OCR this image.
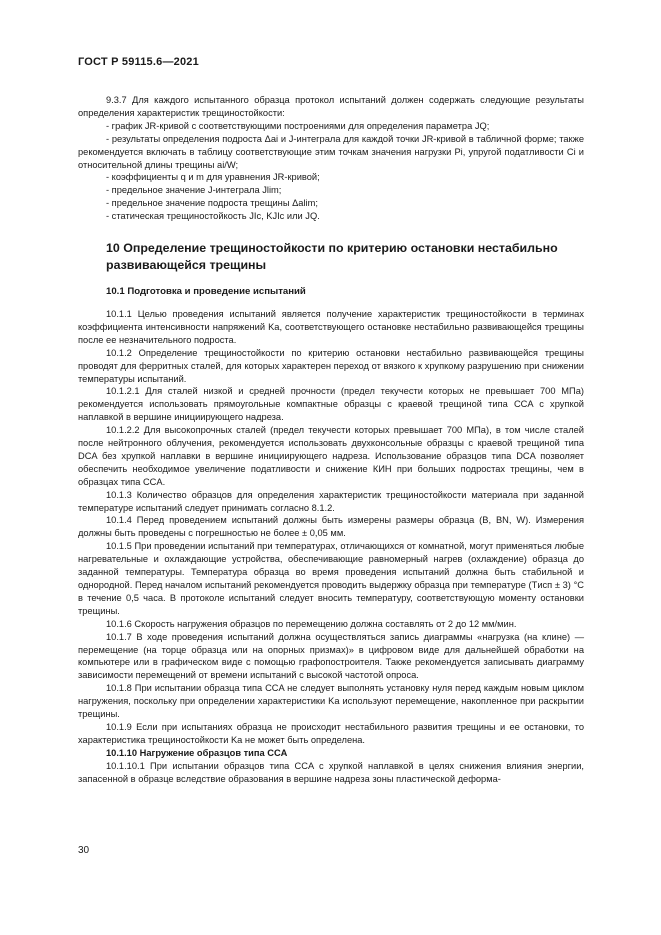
ГОСТ Р 59115.6—2021

9.3.7 Для каждого испытанного образца протокол испытаний должен содержать следующие результаты определения характеристик трещиностойкости:

- график JR-кривой с соответствующими построениями для определения параметра JQ;

- результаты определения подроста Δai и J-интеграла для каждой точки JR-кривой в табличной форме; также рекомендуется включать в таблицу соответствующие этим точкам значения нагрузки Pi, упругой податливости Ci и относительной длины трещины ai/W;

- коэффициенты q и m для уравнения JR-кривой;

- предельное значение J-интеграла Jlim;

- предельное значение подроста трещины Δalim;

- статическая трещиностойкость JIc, KJIc или JQ.

10 Определение трещиностойкости по критерию остановки нестабильно развивающейся трещины
10.1 Подготовка и проведение испытаний

10.1.1 Целью проведения испытаний является получение характеристик трещиностойкости в терминах коэффициента интенсивности напряжений Ka, соответствующего остановке нестабильно развивающейся трещины после ее незначительного подроста.

10.1.2 Определение трещиностойкости по критерию остановки нестабильно развивающейся трещины проводят для ферритных сталей, для которых характерен переход от вязкого к хрупкому разрушению при снижении температуры испытаний.

10.1.2.1 Для сталей низкой и средней прочности (предел текучести которых не превышает 700 МПа) рекомендуется использовать прямоугольные компактные образцы с краевой трещиной типа CCA с хрупкой наплавкой в вершине инициирующего надреза.

10.1.2.2 Для высокопрочных сталей (предел текучести которых превышает 700 МПа), в том числе сталей после нейтронного облучения, рекомендуется использовать двухконсольные образцы с краевой трещиной типа DCA без хрупкой наплавки в вершине инициирующего надреза. Использование образцов типа DCA позволяет обеспечить необходимое увеличение податливости и снижение КИН при больших подростах трещины, чем в образцах типа CCA.

10.1.3 Количество образцов для определения характеристик трещиностойкости материала при заданной температуре испытаний следует принимать согласно 8.1.2.

10.1.4 Перед проведением испытаний должны быть измерены размеры образца (B, BN, W). Измерения должны быть проведены с погрешностью не более ± 0,05 мм.

10.1.5 При проведении испытаний при температурах, отличающихся от комнатной, могут применяться любые нагревательные и охлаждающие устройства, обеспечивающие равномерный нагрев (охлаждение) образца до заданной температуры. Температура образца во время проведения испытаний должна быть стабильной и однородной. Перед началом испытаний рекомендуется проводить выдержку образца при температуре (Tисп ± 3) °С в течение 0,5 часа. В протоколе испытаний следует вносить температуру, соответствующую моменту остановки трещины.

10.1.6 Скорость нагружения образцов по перемещению должна составлять от 2 до 12 мм/мин.

10.1.7 В ходе проведения испытаний должна осуществляться запись диаграммы «нагрузка (на клине) — перемещение (на торце образца или на опорных призмах)» в цифровом виде для дальнейшей обработки на компьютере или в графическом виде с помощью графопостроителя. Также рекомендуется записывать диаграмму зависимости перемещений от времени испытаний с высокой частотой опроса.

10.1.8 При испытании образца типа CCA не следует выполнять установку нуля перед каждым новым циклом нагружения, поскольку при определении характеристики Ka используют перемещение, накопленное при раскрытии трещины.

10.1.9 Если при испытаниях образца не происходит нестабильного развития трещины и ее остановки, то характеристика трещиностойкости Ka не может быть определена.

10.1.10 Нагружение образцов типа CCA

10.1.10.1 При испытании образцов типа CCA с хрупкой наплавкой в целях снижения влияния энергии, запасенной в образце вследствие образования в вершине надреза зоны пластической деформа-

30
